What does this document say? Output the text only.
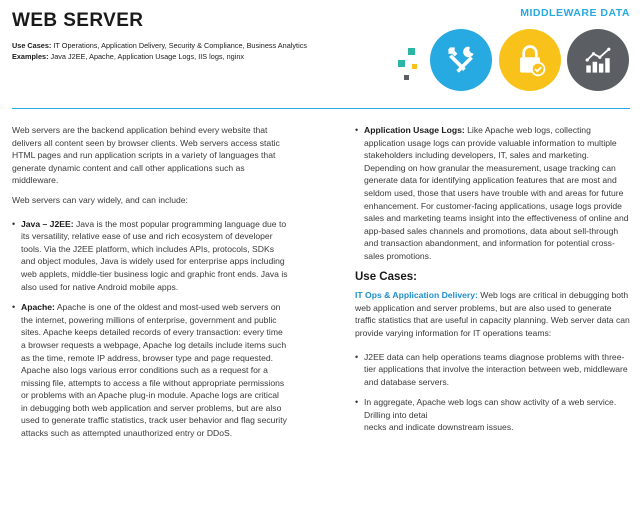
WEB SERVER
Use Cases: IT Operations, Application Delivery, Security & Compliance, Business Analytics
Examples: Java J2EE, Apache, Application Usage Logs, IIS logs, nginx
MIDDLEWARE DATA

Web servers are the backend application behind every website that delivers all content seen by browser clients. Web servers access static HTML pages and run application scripts in a variety of languages that generate dynamic content and call other applications such as middleware.

Web servers can vary widely, and can include:

• Java – J2EE: Java is the most popular programming language due to its versatility, relative ease of use and rich ecosystem of developer tools. Via the J2EE platform, which includes APIs, protocols, SDKs and object modules, Java is widely used for enterprise apps including web applets, middle-tier business logic and graphic front ends. Java is also used for native Android mobile apps.
• Apache: Apache is one of the oldest and most-used web servers on the internet, powering millions of enterprise, government and public sites. Apache keeps detailed records of every transaction: every time a browser requests a webpage, Apache log details include items such as the time, remote IP address, browser type and page requested. Apache also logs various error conditions such as a request for a missing file, attempts to access a file without appropriate permissions or problems with an Apache plug-in module. Apache logs are critical in debugging both web application and server problems, but are also used to generate traffic statistics, track user behavior and flag security attacks such as attempted unauthorized entry or DDoS.
• Application Usage Logs: Like Apache web logs, collecting application usage logs can provide valuable information to multiple stakeholders including developers, IT, sales and marketing. Depending on how granular the measurement, usage tracking can generate data for identifying application features that are most and seldom used, those that users have trouble with and areas for future enhancement. For customer-facing applications, usage logs provide sales and marketing teams insight into the effectiveness of online and app-based sales channels and promotions, data about sell-through and transaction abandonment, and information for potential cross-sales promotions.
Use Cases:

IT Ops & Application Delivery: Web logs are critical in debugging both web application and server problems, but are also used to generate traffic statistics that are useful in capacity planning. Web server data can provide varying information for IT operations teams:

• J2EE data can help operations teams diagnose problems with three-tier applications that involve the interaction between web, middleware and database servers.
• In aggregate, Apache web logs can show activity of a web service. Drilling into detai
necks and indicate downstream issues.
